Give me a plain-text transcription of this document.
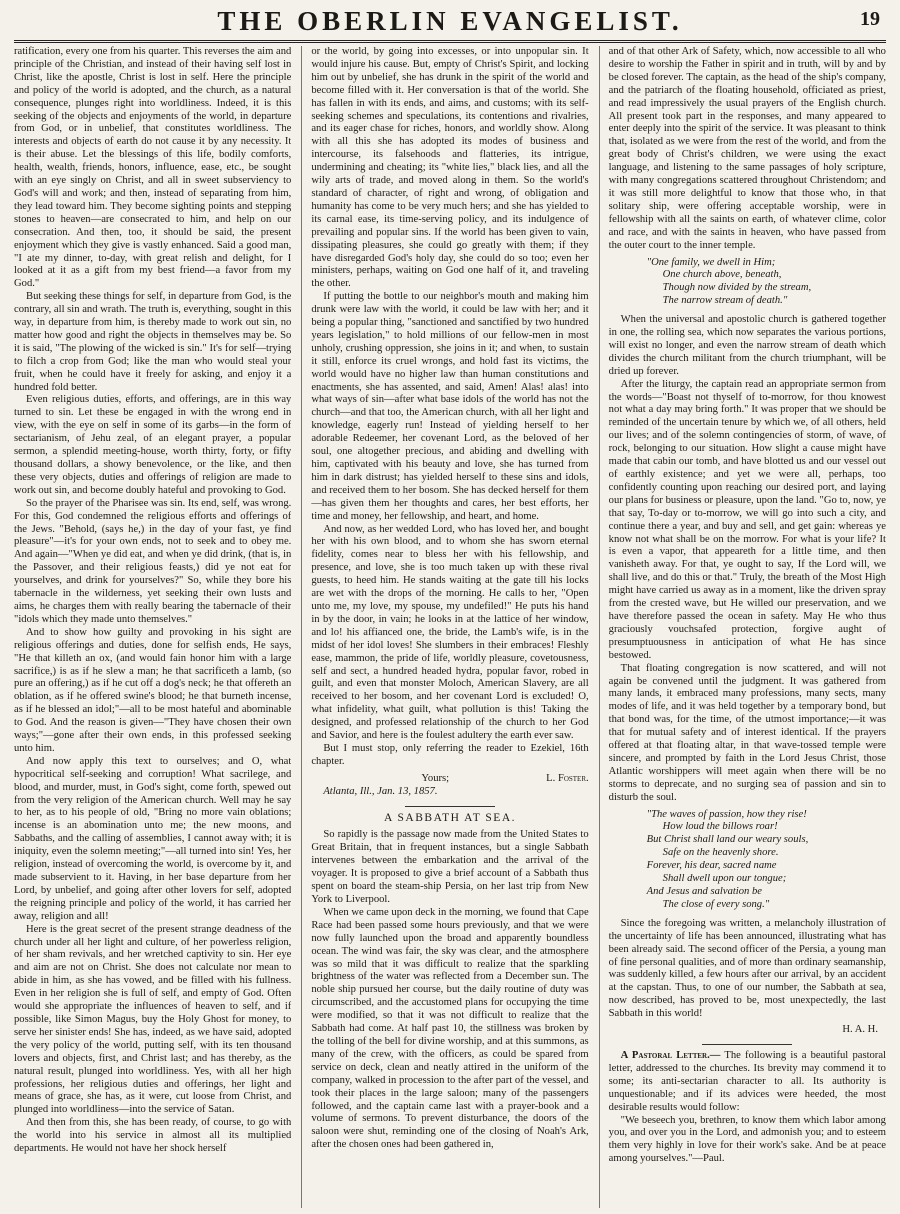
THE OBERLIN EVANGELIST.	19

ratification, every one from his quarter. This reverses the aim and principle of the Christian, and instead of their having self lost in Christ, like the apostle, Christ is lost in self. Here the principle and policy of the world is adopted, and the church, as a natural consequence, plunges right into worldliness. Indeed, it is this seeking of the objects and enjoyments of the world, in departure from God, or in unbelief, that constitutes worldliness. The interests and objects of earth do not cause it by any necessity. It is their abuse. Let the blessings of this life, bodily comforts, health, wealth, friends, honors, influence, ease, etc., be sought with an eye singly on Christ, and all in sweet subserviency to God's will and work; and then, instead of separating from him, they lead toward him. They become sighting points and stepping stones to heaven—are consecrated to him, and help on our consecration. And then, too, it should be said, the present enjoyment which they give is vastly enhanced. Said a good man, "I ate my dinner, to-day, with great relish and delight, for I looked at it as a gift from my best friend—a favor from my God."

But seeking these things for self, in departure from God, is the contrary, all sin and wrath. The truth is, everything, sought in this way, in departure from him, is thereby made to work out sin, no matter how good and right the objects in themselves may be. So it is said, "The plowing of the wicked is sin." It's for self—trying to filch a crop from God; like the man who would steal your fruit, when he could have it freely for asking, and enjoy it a hundred fold better.

Even religious duties, efforts, and offerings, are in this way turned to sin. Let these be engaged in with the wrong end in view, with the eye on self in some of its garbs—in the form of sectarianism, of Jehu zeal, of an elegant prayer, a popular sermon, a splendid meeting-house, worth thirty, forty, or fifty thousand dollars, a showy benevolence, or the like, and then these very objects, duties and offerings of religion are made to work out sin, and become doubly hateful and provoking to God.

So the prayer of the Pharisee was sin. Its end, self, was wrong. For this, God condemned the religious efforts and offerings of the Jews. "Behold, (says he,) in the day of your fast, ye find pleasure"—it's for your own ends, not to seek and to obey me. And again—"When ye did eat, and when ye did drink, (that is, in the Passover, and their religious feasts,) did ye not eat for yourselves, and drink for yourselves?" So, while they bore his tabernacle in the wilderness, yet seeking their own lusts and aims, he charges them with really bearing the tabernacle of their "idols which they made unto themselves."

And to show how guilty and provoking in his sight are religious offerings and duties, done for selfish ends, He says, "He that killeth an ox, (and would fain honor him with a large sacrifice,) is as if he slew a man; he that sacrificeth a lamb, (so pure an offering,) as if he cut off a dog's neck; he that offereth an oblation, as if he offered swine's blood; he that burneth incense, as if he blessed an idol;"—all to be most hateful and abominable to God. And the reason is given—"They have chosen their own ways;"—gone after their own ends, in this professed seeking unto him.

And now apply this text to ourselves; and O, what hypocritical self-seeking and corruption! What sacrilege, and blood, and murder, must, in God's sight, come forth, spewed out from the very religion of the American church. Well may he say to her, as to his people of old, "Bring no more vain oblations; incense is an abomination unto me; the new moons, and Sabbaths, and the calling of assemblies, I cannot away with; it is iniquity, even the solemn meeting;"—all turned into sin! Yes, her religion, instead of overcoming the world, is overcome by it, and made subservient to it. Having, in her base departure from her Lord, by unbelief, and going after other lovers for self, adopted the reigning principle and policy of the world, it has carried her away, religion and all!

Here is the great secret of the present strange deadness of the church under all her light and culture, of her powerless religion, of her sham revivals, and her wretched captivity to sin. Her eye and aim are not on Christ. She does not calculate nor mean to abide in him, as she has vowed, and be filled with his fullness. Even in her religion she is full of self, and empty of God. Often would she appropriate the influences of heaven to self, and if possible, like Simon Magus, buy the Holy Ghost for money, to serve her sinister ends! She has, indeed, as we have said, adopted the very policy of the world, putting self, with its ten thousand lovers and objects, first, and Christ last; and has thereby, as the natural result, plunged into worldliness. Yes, with all her high professions, her religious duties and offerings, her light and means of grace, she has, as it were, cut loose from Christ, and plunged into worldliness—into the service of Satan.

And then from this, she has been ready, of course, to go with the world into his service in almost all its multiplied departments. He would not have her shock herself

or the world, by going into excesses, or into unpopular sin. It would injure his cause. But, empty of Christ's Spirit, and locking him out by unbelief, she has drunk in the spirit of the world and become filled with it. Her conversation is that of the world. She has fallen in with its ends, and aims, and customs; with its self-seeking schemes and speculations, its contentions and rivalries, and its eager chase for riches, honors, and worldly show. Along with all this she has adopted its modes of business and intercourse, its falsehoods and flatteries, its intrigue, undermining and cheating; its "white lies," black lies, and all the wily arts of trade, and moved along in them. So the world's standard of character, of right and wrong, of obligation and humanity has come to be very much hers; and she has yielded to its carnal ease, its time-serving policy, and its indulgence of prevailing and popular sins. If the world has been given to vain, dissipating pleasures, she could go greatly with them; if they have disregarded God's holy day, she could do so too; even her ministers, perhaps, waiting on God one half of it, and traveling the other.

If putting the bottle to our neighbor's mouth and making him drunk were law with the world, it could be law with her; and it being a popular thing, "sanctioned and sanctified by two hundred years legislation," to hold millions of our fellow-men in most unholy, crushing oppression, she joins in it; and when, to sustain it still, enforce its cruel wrongs, and hold fast its victims, the world would have no higher law than human constitutions and enactments, she has assented, and said, Amen! Alas! alas! into what ways of sin—after what base idols of the world has not the church—and that too, the American church, with all her light and knowledge, eagerly run! Instead of yielding herself to her adorable Redeemer, her covenant Lord, as the beloved of her soul, one altogether precious, and abiding and dwelling with him, captivated with his beauty and love, she has turned from him in dark distrust; has yielded herself to these sins and idols, and received them to her bosom. She has decked herself for them—has given them her thoughts and cares, her best efforts, her time and money, her fellowship, and heart, and home.

And now, as her wedded Lord, who has loved her, and bought her with his own blood, and to whom she has sworn eternal fidelity, comes near to bless her with his fellowship, and presence, and love, she is too much taken up with these rival guests, to heed him. He stands waiting at the gate till his locks are wet with the drops of the morning. He calls to her, "Open unto me, my love, my spouse, my undefiled!" He puts his hand in by the door, in vain; he looks in at the lattice of her window, and lo! his affianced one, the bride, the Lamb's wife, is in the midst of her idol loves! She slumbers in their embraces! Fleshly ease, mammon, the pride of life, worldly pleasure, covetousness, self and sect, a hundred headed hydra, popular favor, robed in guilt, and even that monster Moloch, American Slavery, are all received to her bosom, and her covenant Lord is excluded! O, what infidelity, what guilt, what pollution is this! Taking the designed, and professed relationship of the church to her God and Savior, and here is the foulest adultery the earth ever saw.

But I must stop, only referring the reader to Ezekiel, 16th chapter.

Yours;	L. Foster.

Atlanta, Ill., Jan. 13, 1857.

A SABBATH AT SEA.

So rapidly is the passage now made from the United States to Great Britain, that in frequent instances, but a single Sabbath intervenes between the embarkation and the arrival of the voyager. It is proposed to give a brief account of a Sabbath thus spent on board the steam-ship Persia, on her last trip from New York to Liverpool.

When we came upon deck in the morning, we found that Cape Race had been passed some hours previously, and that we were now fully launched upon the broad and apparently boundless ocean. The wind was fair, the sky was clear, and the atmosphere was so mild that it was difficult to realize that the sparkling brightness of the water was reflected from a December sun. The noble ship pursued her course, but the daily routine of duty was circumscribed, and the accustomed plans for occupying the time were modified, so that it was not difficult to realize that the Sabbath had come. At half past 10, the stillness was broken by the tolling of the bell for divine worship, and at this summons, as many of the crew, with the officers, as could be spared from service on deck, clean and neatly attired in the uniform of the company, walked in procession to the after part of the vessel, and took their places in the large saloon; many of the passengers followed, and the captain came last with a prayer-book and a volume of sermons. To prevent disturbance, the doors of the saloon were shut, reminding one of the closing of Noah's Ark, after the chosen ones had been gathered in,

and of that other Ark of Safety, which, now accessible to all who desire to worship the Father in spirit and in truth, will by and by be closed forever. The captain, as the head of the ship's company, and the patriarch of the floating household, officiated as priest, and read impressively the usual prayers of the English church. All present took part in the responses, and many appeared to enter deeply into the spirit of the service. It was pleasant to think that, isolated as we were from the rest of the world, and from the great body of Christ's children, we were using the exact language, and listening to the same passages of holy scripture, with many congregations scattered throughout Christendom; and it was still more delightful to know that those who, in that solitary ship, were offering acceptable worship, were in fellowship with all the saints on earth, of whatever clime, color and race, and with the saints in heaven, who have passed from the outer court to the inner temple.

"One family, we dwell in Him;
One church above, beneath,
Though now divided by the stream,
The narrow stream of death."

When the universal and apostolic church is gathered together in one, the rolling sea, which now separates the various portions, will exist no longer, and even the narrow stream of death which divides the church militant from the church triumphant, will be dried up forever.

After the liturgy, the captain read an appropriate sermon from the words—"Boast not thyself of to-morrow, for thou knowest not what a day may bring forth." It was proper that we should be reminded of the uncertain tenure by which we, of all others, held our lives; and of the solemn contingencies of storm, of wave, of rock, belonging to our situation. How slight a cause might have made that cabin our tomb, and have blotted us and our vessel out of earthly existence; and yet we were all, perhaps, too confidently counting upon reaching our desired port, and laying our plans for business or pleasure, upon the land. "Go to, now, ye that say, To-day or to-morrow, we will go into such a city, and continue there a year, and buy and sell, and get gain: whereas ye know not what shall be on the morrow. For what is your life? It is even a vapor, that appeareth for a little time, and then vanisheth away. For that, ye ought to say, If the Lord will, we shall live, and do this or that." Truly, the breath of the Most High might have carried us away as in a moment, like the driven spray from the crested wave, but He willed our preservation, and we have therefore passed the ocean in safety. May He who thus graciously vouchsafed protection, forgive aught of presumptuousness in anticipation of what He has since bestowed.

That floating congregation is now scattered, and will not again be convened until the judgment. It was gathered from many lands, it embraced many professions, many sects, many modes of life, and it was held together by a temporary bond, but that bond was, for the time, of the utmost importance;—it was that for mutual safety and of interest identical. If the prayers offered at that floating altar, in that wave-tossed temple were sincere, and prompted by faith in the Lord Jesus Christ, those Atlantic worshippers will meet again when there will be no storms to deprecate, and no surging sea of passion and sin to disturb the soul.

"The waves of passion, how they rise!
How loud the billows roar!
But Christ shall land our weary souls,
Safe on the heavenly shore.
Forever, his dear, sacred name
Shall dwell upon our tongue;
And Jesus and salvation be
The close of every song."

Since the foregoing was written, a melancholy illustration of the uncertainty of life has been announced, illustrating what has been already said. The second officer of the Persia, a young man of fine personal qualities, and of more than ordinary seamanship, was suddenly killed, a few hours after our arrival, by an accident at the capstan. Thus, to one of our number, the Sabbath at sea, now described, has proved to be, most unexpectedly, the last Sabbath in this world!

H. A. H.

A Pastoral Letter.— The following is a beautiful pastoral letter, addressed to the churches. Its brevity may commend it to some; its anti-sectarian character to all. Its authority is unquestionable; and if its advices were heeded, the most desirable results would follow:

"We beseech you, brethren, to know them which labor among you, and over you in the Lord, and admonish you; and to esteem them very highly in love for their work's sake. And be at peace among yourselves."—Paul.
